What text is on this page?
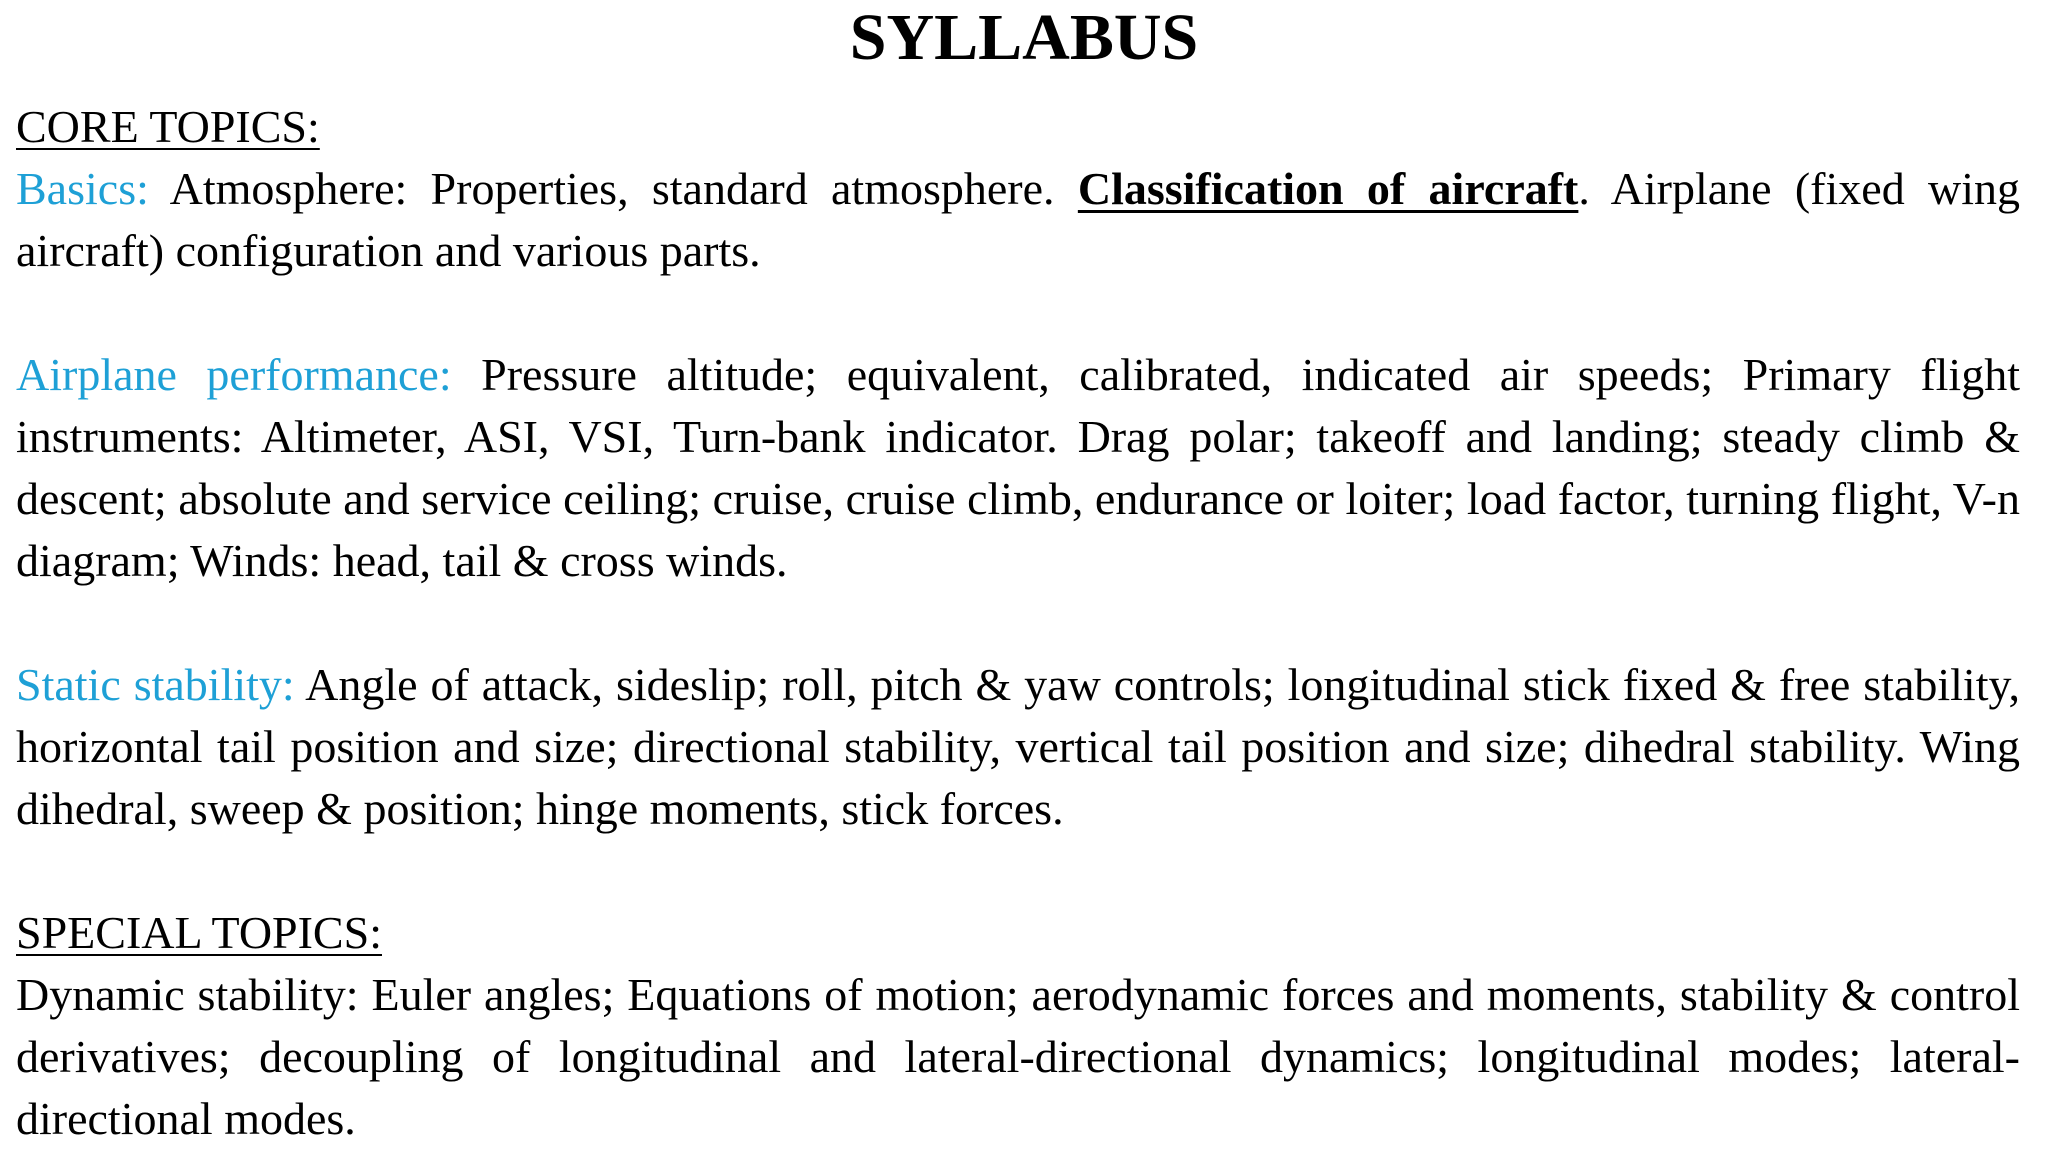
SYLLABUS

CORE TOPICS:

Basics: Atmosphere: Properties, standard atmosphere. Classification of aircraft. Airplane (fixed wing aircraft) configuration and various parts.

Airplane performance: Pressure altitude; equivalent, calibrated, indicated air speeds; Primary flight instruments: Altimeter, ASI, VSI, Turn-bank indicator. Drag polar; takeoff and landing; steady climb & descent; absolute and service ceiling; cruise, cruise climb, endurance or loiter; load factor, turning flight, V-n diagram; Winds: head, tail & cross winds.

Static stability: Angle of attack, sideslip; roll, pitch & yaw controls; longitudinal stick fixed & free stability, horizontal tail position and size; directional stability, vertical tail position and size; dihedral stability. Wing dihedral, sweep & position; hinge moments, stick forces.

SPECIAL TOPICS:

Dynamic stability: Euler angles; Equations of motion; aerodynamic forces and moments, stability & control derivatives; decoupling of longitudinal and lateral-directional dynamics; longitudinal modes; lateral-directional modes.
